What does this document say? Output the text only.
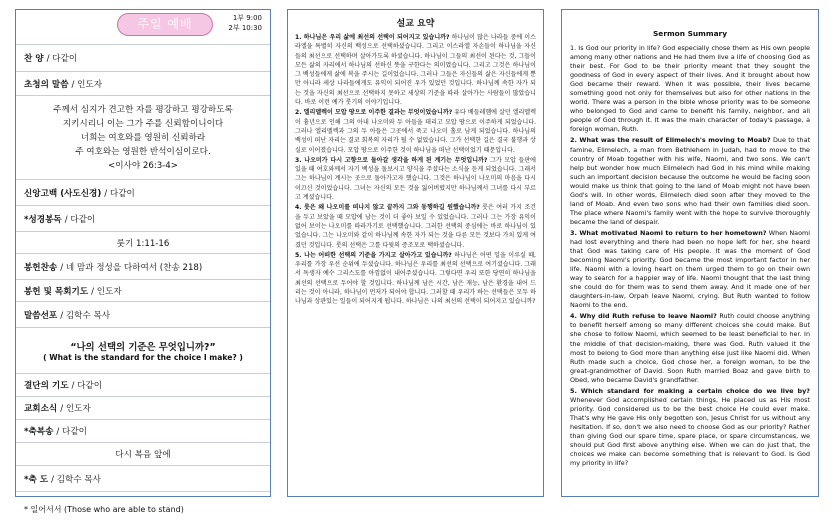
주일 예배	1부 9:00
2부 10:30
찬 양 / 다같이
초청의 말씀 / 인도자
주께서 심지가 견고한 자를 평강하고 평강하도록
지키시리니 이는 그가 주를 신뢰함이니이다
너희는 여호와를 영원히 신뢰하라
주 여호와는 영원한 반석이심이로다.
<이사야 26:3-4>
신앙고백 (사도신경) / 다같이
*성경봉독 / 다같이
룻기 1:11-16
봉헌찬송 / 네 맘과 정성을 다하여서 (찬송 218)
봉헌 및 목회기도 / 인도자
말씀선포 / 김학수 목사
“나의 선택의 기준은 무엇입니까?”
( What is the standard for the choice I make? )
결단의 기도 / 다같이
교회소식 / 인도자
*축복송 / 다같이
다시 복음 앞에
*축 도 / 김학수 목사
* 일어서서 (Those who are able to stand)
설교 요약

1. 하나님은 우리 삶에 최선의 선택이 되어지고 있습니까? 하나님이 많은 나라들 중에 이스라엘을 특별히 자신의 백성으로 선택하셨습니다. 그리고 이스라엘 자손들이 하나님을 자신들의 최선으로 선택하며 살아가도록 하셨습니다. 하나님이 그들의 최선이 된다는 것, 그들이 모든 삶의 자리에서 하나님의 선하신 뜻을 구한다는 의미였습니다. 그리고 그것은 하나님이 그 백성들에게 삶에 복을 주시는 길이었습니다. 그러나 그들은 자신들의 삶은 자신들에게 뿐만 아니라 세상 나라들에게도 유익이 되어진 우가 있었던 것입니다. 하나님께 속한 자가 되는 것을 자신의 최선으로 선택하지 못하고 세상의 기준을 따라 살아가는 사람들이 많았습니다. 바로 이런 예가 룻기의 이야기입니다.

2. 엘리멜렉이 모압 땅으로 이주한 결과는 무엇이었습니까? 유다 베들레헴에 살던 엘리멜렉이 흉년으로 인해 그의 아내 나오미와 두 아들을 데리고 모압 땅으로 이주하게 되었습니다. 그러나 엘리멜렉과 그의 두 아들은 그곳에서 죽고 나오미 홀로 남게 되었습니다. 하나님의 백성이 떠난 자리는 결코 회복의 자리가 될 수 없었습니다. 그가 선택한 길은 결국 불행과 상실로 이어졌습니다. 모압 땅으로 이주한 것이 하나님을 떠난 선택이었기 때문입니다.

3. 나오미가 다시 고향으로 돌아갈 생각을 하게 된 계기는 무엇입니까? 그가 모압 들판에 있을 때 여호와께서 자기 백성을 돌보시고 양식을 주셨다는 소식을 듣게 되었습니다. 그래서 그는 하나님이 계시는 곳으로 돌아가고자 했습니다. 그것은 하나님이 나오미의 마음을 다시 이끄신 것이었습니다. 그녀는 자신의 모든 것을 잃어버렸지만 하나님께서 그녀를 다시 부르고 계셨습니다.

4. 룻은 왜 나오미를 떠나지 않고 끝까지 그와 동행하길 원했습니까? 룻은 여러 가지 조건을 두고 보았을 때 모압에 남는 것이 더 좋아 보일 수 있었습니다. 그러나 그는 가장 유익이 없어 보이는 나오미를 따라가기로 선택했습니다. 그러한 선택의 중심에는 바로 하나님이 있었습니다. 그는 나오미와 같이 하나님께 속한 자가 되는 것을 다른 모든 것보다 가치 있게 여겼던 것입니다. 룻의 선택은 그를 다윗의 증조모로 택하셨습니다.

5. 나는 어떠한 선택의 기준을 가지고 살아가고 있습니까? 하나님은 어떤 일을 이루실 때, 우리를 가장 우선 순위에 두셨습니다. 하나님은 우리를 최선의 선택으로 여기셨습니다. 그래서 독생자 예수 그리스도를 아낌없이 내어주셨습니다. 그렇다면 우리 또한 당연히 하나님을 최선의 선택으로 두어야 할 것입니다. 하나님께 남은 시간, 남은 재능, 남은 환경을 내어 드리는 것이 아니라, 하나님이 먼저가 되어야 합니다. 그러할 때 우리가 하는 선택들은 모두 하나님과 상관있는 일들이 되어지게 됩니다. 하나님은 나의 최선의 선택이 되어지고 있습니까?

Sermon Summary

1. Is God our priority in life? God especially chose them as His own people among many other nations and He had them live a life of choosing God as their best. For God to be their priority meant that they sought the goodness of God in every aspect of their lives. And it brought about how God became their reward. When it was possible, their lives became something good not only for themselves but also for other nations in the world. There was a person in the bible whose priority was to be someone who belonged to God and came to benefit his family, neighbor, and all people of God through it. It was the main character of today's passage, a foreign woman, Ruth.

2. What was the result of Elimelech's moving to Moab? Due to that famine, Elimelech, a man from Bethlehem in Judah, had to move to the country of Moab together with his wife, Naomi, and two sons. We can't help but wonder how much Elimelech had God in his mind while making such an important decision because the outcome he would be facing soon would make us think that going to the land of Moab might not have been God's will. In other words, Elimelech died soon after they moved to the land of Moab. And even two sons who had their own families died soon. The place where Naomi's family went with the hope to survive thoroughly became the land of despair.

3. What motivated Naomi to return to her hometown? When Naomi had lost everything and there had been no hope left for her, she heard that God was taking care of His people. It was the moment of God becoming Naomi's priority. God became the most important factor in her life. Naomi with a loving heart on them urged them to go on their own way to search for a happier way of life. Naomi thought that the last thing she could do for them was to send them away. And it made one of her daughters-in-law, Orpah leave Naomi, crying. But Ruth wanted to follow Naomi to the end.

4. Why did Ruth refuse to leave Naomi? Ruth could choose anything to benefit herself among so many different choices she could make. But she chose to follow Naomi, which seemed to be least beneficial to her. In the middle of that decision-making, there was God. Ruth valued it the most to belong to God more than anything else just like Naomi did. When Ruth made such a choice, God chose her, a foreign woman, to be the great-grandmother of David. Soon Ruth married Boaz and gave birth to Obed, who became David's grandfather.

5. Which standard for making a certain choice do we live by? Whenever God accomplished certain things, He placed us as His most priority. God considered us to be the best choice He could ever make. That's why He gave His only begotten son, Jesus Christ for us without any hesitation. If so, don't we also need to choose God as our priority? Rather than giving God our spare time, spare place, or spare circumstances, we should put God first above anything else. When we can do just that, the choices we make can become something that is relevant to God. Is God my priority in life?
